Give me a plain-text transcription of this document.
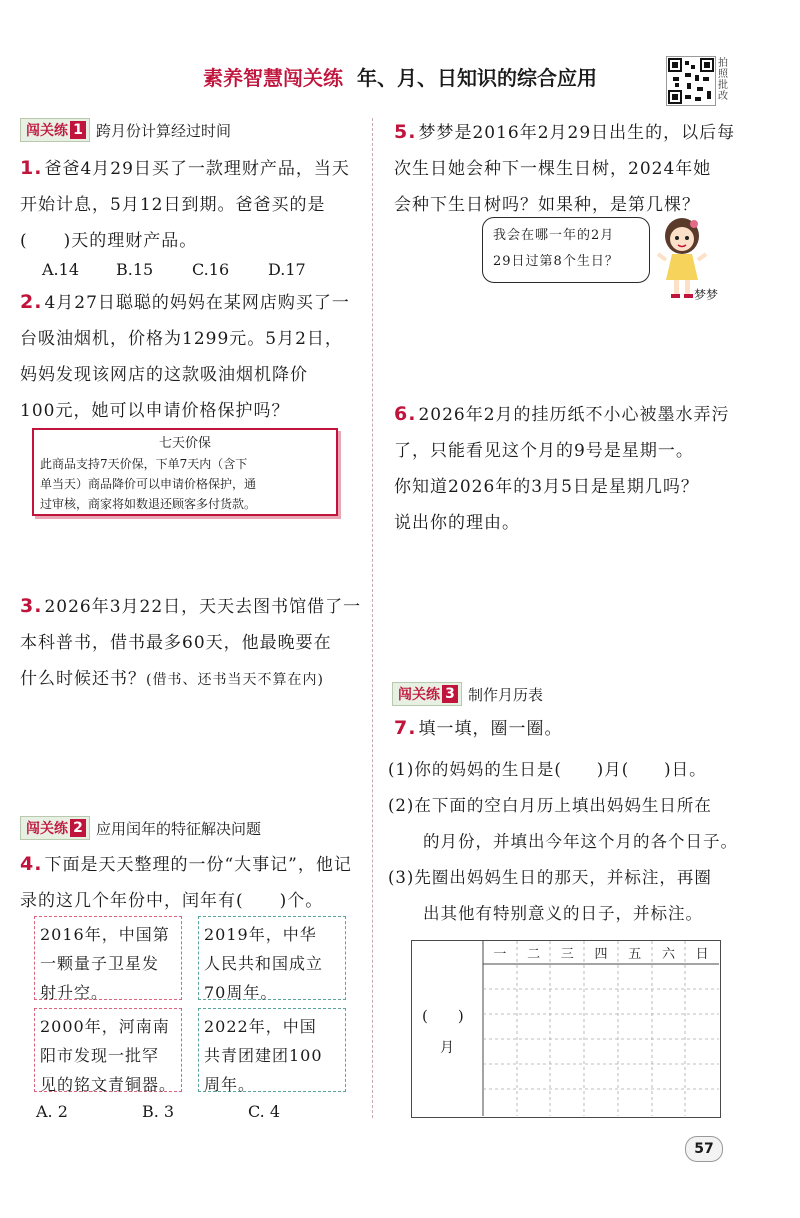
素养智慧闯关练 年、月、日知识的综合应用
拍照批改
闯关练 1 跨月份计算经过时间
1. 爸爸4月29日买了一款理财产品，当天
开始计息，5月12日到期。爸爸买的是
(　　)天的理财产品。
A.14 B.15 C.16 D.17
2. 4月27日聪聪的妈妈在某网店购买了一
台吸油烟机，价格为1299元。5月2日，
妈妈发现该网店的这款吸油烟机降价
100元，她可以申请价格保护吗？
七天价保
此商品支持7天价保，下单7天内（含下
单当天）商品降价可以申请价格保护，通
过审核，商家将如数退还顾客多付货款。
3. 2026年3月22日，天天去图书馆借了一
本科普书，借书最多60天，他最晚要在
什么时候还书？(借书、还书当天不算在内)
闯关练 2 应用闰年的特征解决问题
4. 下面是天天整理的一份“大事记”，他记
录的这几个年份中，闰年有(　　)个。
2016年，中国第
一颗量子卫星发
射升空。
2019年，中华
人民共和国成立
70周年。
2000年，河南南
阳市发现一批罕
见的铭文青铜器。
2022年，中国
共青团建团100
周年。
A. 2	B. 3	C. 4
5. 梦梦是2016年2月29日出生的，以后每
次生日她会种下一棵生日树，2024年她
会种下生日树吗？如果种，是第几棵？
我会在哪一年的2月
29日过第8个生日？
梦梦
6. 2026年2月的挂历纸不小心被墨水弄污
了，只能看见这个月的9号是星期一。
你知道2026年的3月5日是星期几吗？
说出你的理由。
闯关练 3 制作月历表
7. 填一填，圈一圈。
(1)你的妈妈的生日是(　　)月(　　)日。
(2)在下面的空白月历上填出妈妈生日所在
　　的月份，并填出今年这个月的各个日子。
(3)先圈出妈妈生日的那天，并标注，再圈
　　出其他有特别意义的日子，并标注。
(　　)
月
一	二	三	四	五	六	日
57
